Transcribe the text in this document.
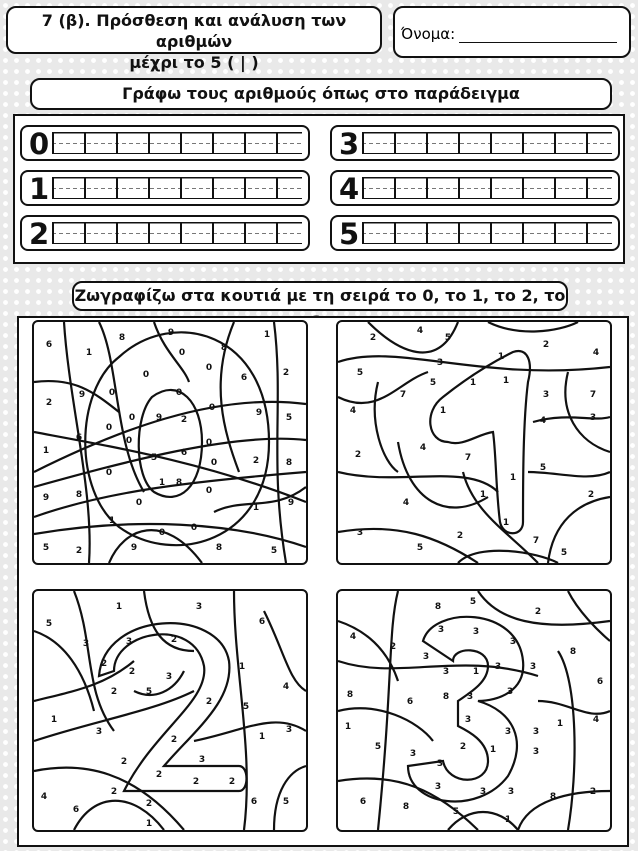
7 (β). Πρόσθεση και ανάλυση των αριθμών
μέχρι το 5 ( | )
Όνομα:
Γράφω τους αριθμούς όπως στο παράδειγμα
0
1
2
3
4
5
Ζωγραφίζω στα κουτιά με τη σειρά το 0, το 1, το 2, το
6
1
8	9
0
0
0
8
1
6	2
2
9	0	0
0	9	5
0 9 2
0
0
1
6
5	6
0
0	2	8
0
1 8
0
9	8
0
1
0	0
1	9
5	2	9	8	5
2
4
5
2
4
5
3
1
7
5	1	1
3	7
4	1
4	3
2
4
7
1
5
4
1	2
1
3
5
2	7
5
1	3
5	6
3	3	2
2
2	3
1
2	5	4
2	5
1
3
2	1
3
2
2
3
2	2
4	2
2
6
1
6	5
8	5
2
4
2
3	3
3
3
3	1 3	3
8
6
8
6	8 3	3
3
3 3
1	4
1
5
3
3
2	1	3
3	3 3	8	2
6	8	5
1
